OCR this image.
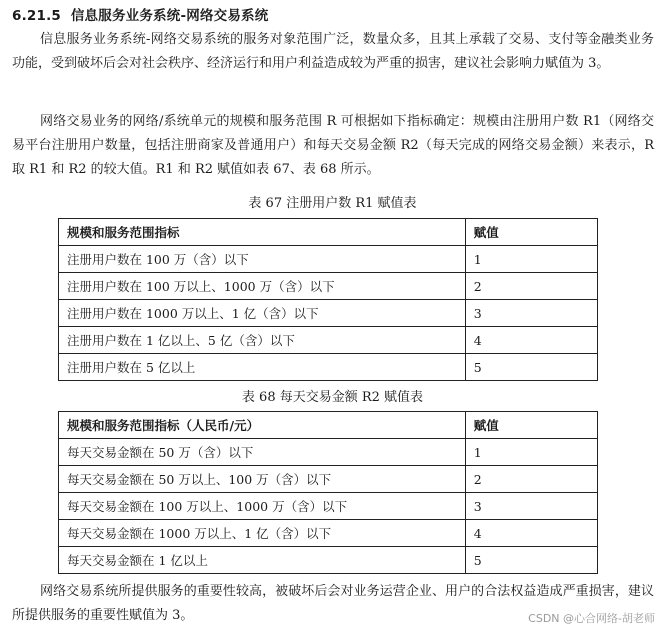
6.21.5 信息服务业务系统-网络交易系统
信息服务业务系统-网络交易系统的服务对象范围广泛，数量众多，且其上承载了交易、支付等金融类业务功能，受到破坏后会对社会秩序、经济运行和用户利益造成较为严重的损害，建议社会影响力赋值为 3。
网络交易业务的网络/系统单元的规模和服务范围 R 可根据如下指标确定：规模由注册用户数 R1（网络交易平台注册用户数量，包括注册商家及普通用户）和每天交易金额 R2（每天完成的网络交易金额）来表示，R 取 R1 和 R2 的较大值。R1 和 R2 赋值如表 67、表 68 所示。
表 67 注册用户数 R1 赋值表
规模和服务范围指标	赋值
注册用户数在 100 万（含）以下	1
注册用户数在 100 万以上、1000 万（含）以下	2
注册用户数在 1000 万以上、1 亿（含）以下	3
注册用户数在 1 亿以上、5 亿（含）以下	4
注册用户数在 5 亿以上	5
表 68 每天交易金额 R2 赋值表
规模和服务范围指标（人民币/元）	赋值
每天交易金额在 50 万（含）以下	1
每天交易金额在 50 万以上、100 万（含）以下	2
每天交易金额在 100 万以上、1000 万（含）以下	3
每天交易金额在 1000 万以上、1 亿（含）以下	4
每天交易金额在 1 亿以上	5
网络交易系统所提供服务的重要性较高，被破坏后会对业务运营企业、用户的合法权益造成严重损害，建议所提供服务的重要性赋值为 3。	CSDN @心合网络-胡老师
